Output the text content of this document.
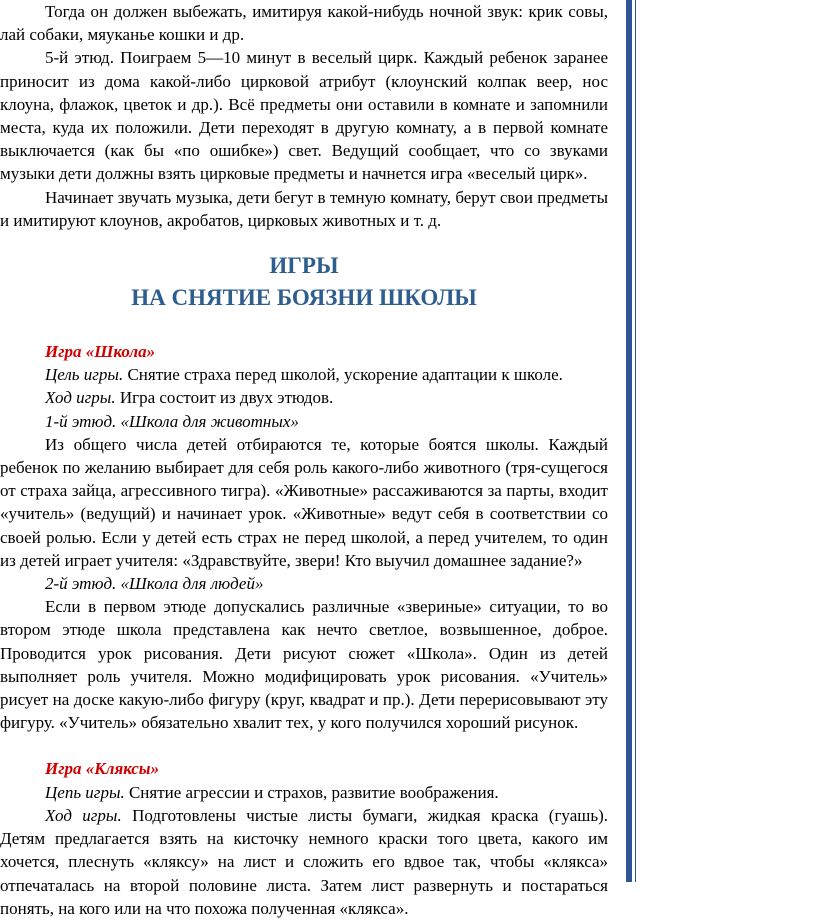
Тогда он должен выбежать, имитируя какой-нибудь ночной звук: крик совы, лай собаки, мяуканье кошки и др.

5-й этюд. Поиграем 5—10 минут в веселый цирк. Каждый ребенок заранее приносит из дома какой-либо цирковой атрибут (клоунский колпак веер, нос клоуна, флажок, цветок и др.). Всё предметы они оставили в комнате и запомнили места, куда их положили. Дети переходят в другую комнату, а в первой комнате выключается (как бы «по ошибке») свет. Ведущий сообщает, что со звуками музыки дети должны взять цирковые предметы и начнется игра «веселый цирк».

Начинает звучать музыка, дети бегут в темную комнату, берут свои предметы и имитируют клоунов, акробатов, цирковых животных и т. д.

ИГРЫ

НА СНЯТИЕ БОЯЗНИ ШКОЛЫ

Игра «Школа»

Цель игры. Снятие страха перед школой, ускорение адаптации к школе.

Ход игры. Игра состоит из двух этюдов.

1-й этюд. «Школа для животных»

Из общего числа детей отбираются те, которые боятся школы. Каждый ребенок по желанию выбирает для себя роль какого-либо животного (тря-сущегося от страха зайца, агрессивного тигра). «Животные» рассаживаются за парты, входит «учитель» (ведущий) и начинает урок. «Животные» ведут себя в соответствии со своей ролью. Если у детей есть страх не перед школой, а перед учителем, то один из детей играет учителя: «Здравствуйте, звери! Кто выучил домашнее задание?»

2-й этюд. «Школа для людей»

Если в первом этюде допускались различные «звериные» ситуации, то во втором этюде школа представлена как нечто светлое, возвышенное, доброе. Проводится урок рисования. Дети рисуют сюжет «Школа». Один из детей выполняет роль учителя. Можно модифицировать урок рисования. «Учитель» рисует на доске какую-либо фигуру (круг, квадрат и пр.). Дети перерисовывают эту фигуру. «Учитель» обязательно хвалит тех, у кого получился хороший рисунок.

Игра «Кляксы»

Цепь игры. Снятие агрессии и страхов, развитие воображения.

Ход игры. Подготовлены чистые листы бумаги, жидкая краска (гуашь). Детям предлагается взять на кисточку немного краски того цвета, какого им хочется, плеснуть «кляксу» на лист и сложить его вдвое так, чтобы «клякса» отпечаталась на второй половине листа. Затем лист развернуть и постараться понять, на кого или на что похожа полученная «клякса».
